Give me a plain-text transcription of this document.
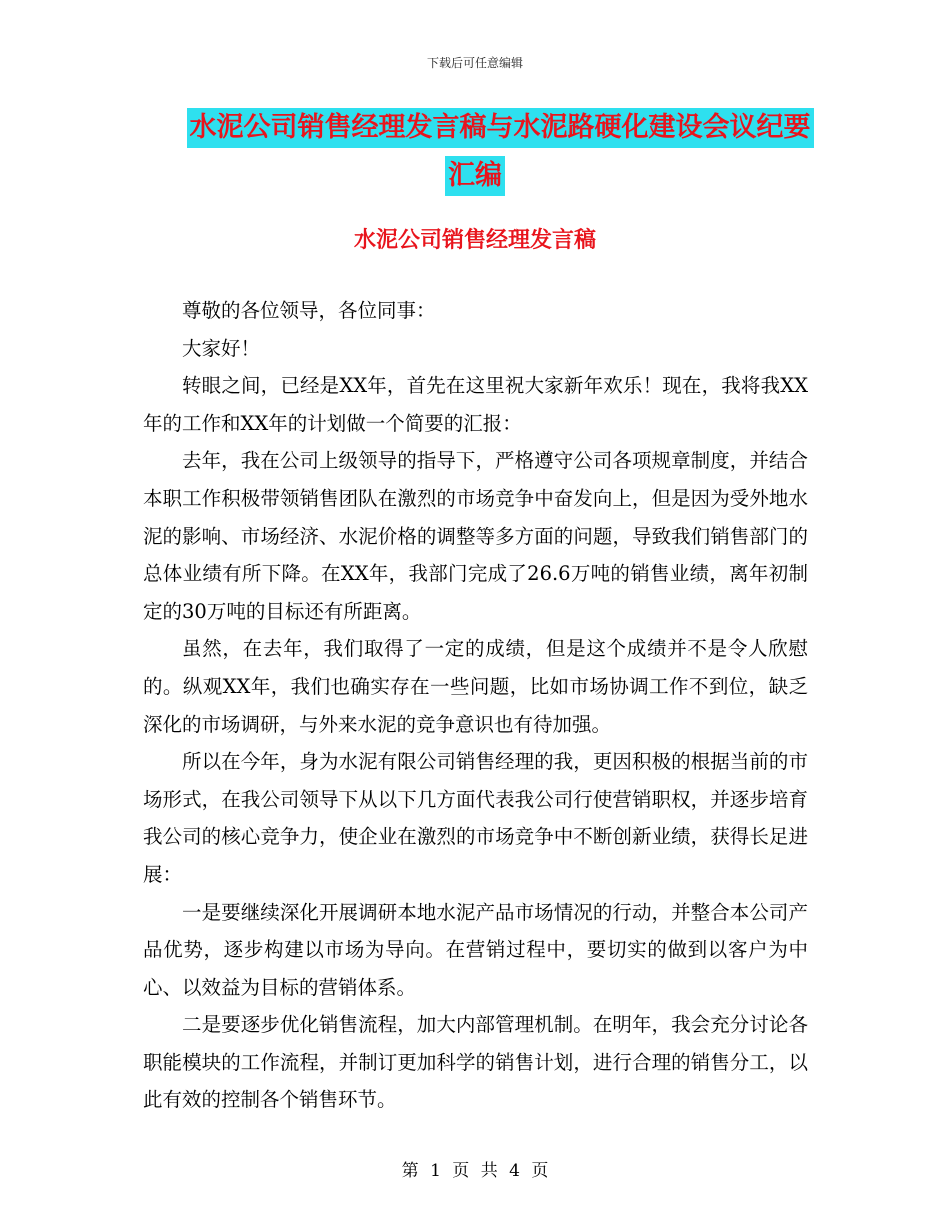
下载后可任意编辑
水泥公司销售经理发言稿与水泥路硬化建设会议纪要
汇编
水泥公司销售经理发言稿

尊敬的各位领导，各位同事：

大家好！

转眼之间，已经是XX年，首先在这里祝大家新年欢乐！现在，我将我XX年的工作和XX年的计划做一个简要的汇报：

去年，我在公司上级领导的指导下，严格遵守公司各项规章制度，并结合本职工作积极带领销售团队在激烈的市场竞争中奋发向上，但是因为受外地水泥的影响、市场经济、水泥价格的调整等多方面的问题，导致我们销售部门的总体业绩有所下降。在XX年，我部门完成了26.6万吨的销售业绩，离年初制定的30万吨的目标还有所距离。

虽然，在去年，我们取得了一定的成绩，但是这个成绩并不是令人欣慰的。纵观XX年，我们也确实存在一些问题，比如市场协调工作不到位，缺乏深化的市场调研，与外来水泥的竞争意识也有待加强。

所以在今年，身为水泥有限公司销售经理的我，更因积极的根据当前的市场形式，在我公司领导下从以下几方面代表我公司行使营销职权，并逐步培育我公司的核心竞争力，使企业在激烈的市场竞争中不断创新业绩，获得长足进展：

一是要继续深化开展调研本地水泥产品市场情况的行动，并整合本公司产品优势，逐步构建以市场为导向。在营销过程中，要切实的做到以客户为中心、以效益为目标的营销体系。

二是要逐步优化销售流程，加大内部管理机制。在明年，我会充分讨论各职能模块的工作流程，并制订更加科学的销售计划，进行合理的销售分工，以此有效的控制各个销售环节。

第 1 页 共 4 页
